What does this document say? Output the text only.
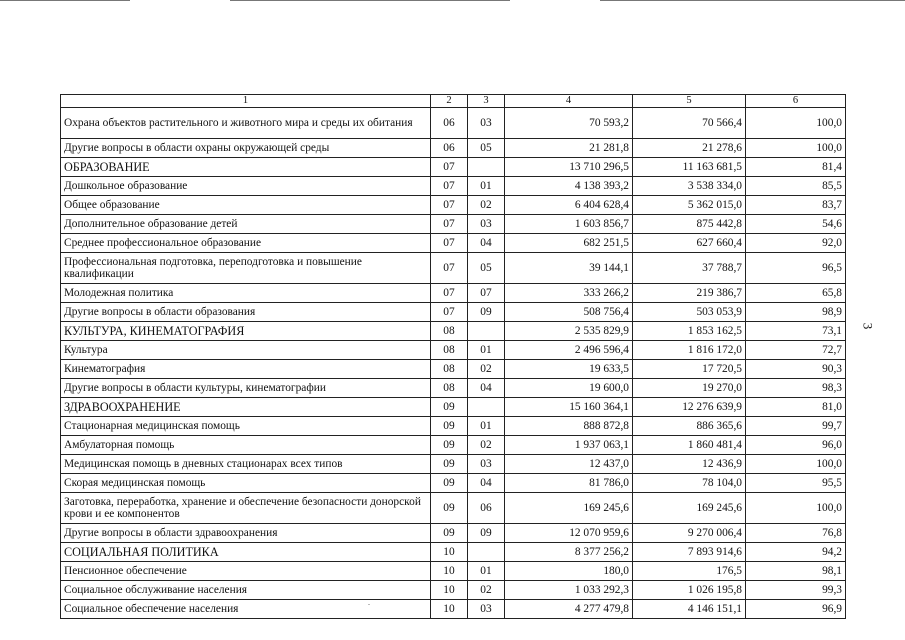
3
1	2	3	4	5	6
Охрана объектов растительного и животного мира и среды их обитания	06	03	70 593,2	70 566,4	100,0
Другие вопросы в области охраны окружающей среды	06	05	21 281,8	21 278,6	100,0
ОБРАЗОВАНИЕ	07		13 710 296,5	11 163 681,5	81,4
Дошкольное образование	07	01	4 138 393,2	3 538 334,0	85,5
Общее образование	07	02	6 404 628,4	5 362 015,0	83,7
Дополнительное образование детей	07	03	1 603 856,7	875 442,8	54,6
Среднее профессиональное образование	07	04	682 251,5	627 660,4	92,0
Профессиональная подготовка, переподготовка и повышение квалификации	07	05	39 144,1	37 788,7	96,5
Молодежная политика	07	07	333 266,2	219 386,7	65,8
Другие вопросы в области образования	07	09	508 756,4	503 053,9	98,9
КУЛЬТУРА, КИНЕМАТОГРАФИЯ	08		2 535 829,9	1 853 162,5	73,1
Культура	08	01	2 496 596,4	1 816 172,0	72,7
Кинематография	08	02	19 633,5	17 720,5	90,3
Другие вопросы в области культуры, кинематографии	08	04	19 600,0	19 270,0	98,3
ЗДРАВООХРАНЕНИЕ	09		15 160 364,1	12 276 639,9	81,0
Стационарная медицинская помощь	09	01	888 872,8	886 365,6	99,7
Амбулаторная помощь	09	02	1 937 063,1	1 860 481,4	96,0
Медицинская помощь в дневных стационарах всех типов	09	03	12 437,0	12 436,9	100,0
Скорая медицинская помощь	09	04	81 786,0	78 104,0	95,5
Заготовка, переработка, хранение и обеспечение безопасности донорской крови и ее компонентов	09	06	169 245,6	169 245,6	100,0
Другие вопросы в области здравоохранения	09	09	12 070 959,6	9 270 006,4	76,8
СОЦИАЛЬНАЯ ПОЛИТИКА	10		8 377 256,2	7 893 914,6	94,2
Пенсионное обеспечение	10	01	180,0	176,5	98,1
Социальное обслуживание населения	10	02	1 033 292,3	1 026 195,8	99,3
Социальное обеспечение населения	10	03	4 277 479,8	4 146 151,1	96,9
